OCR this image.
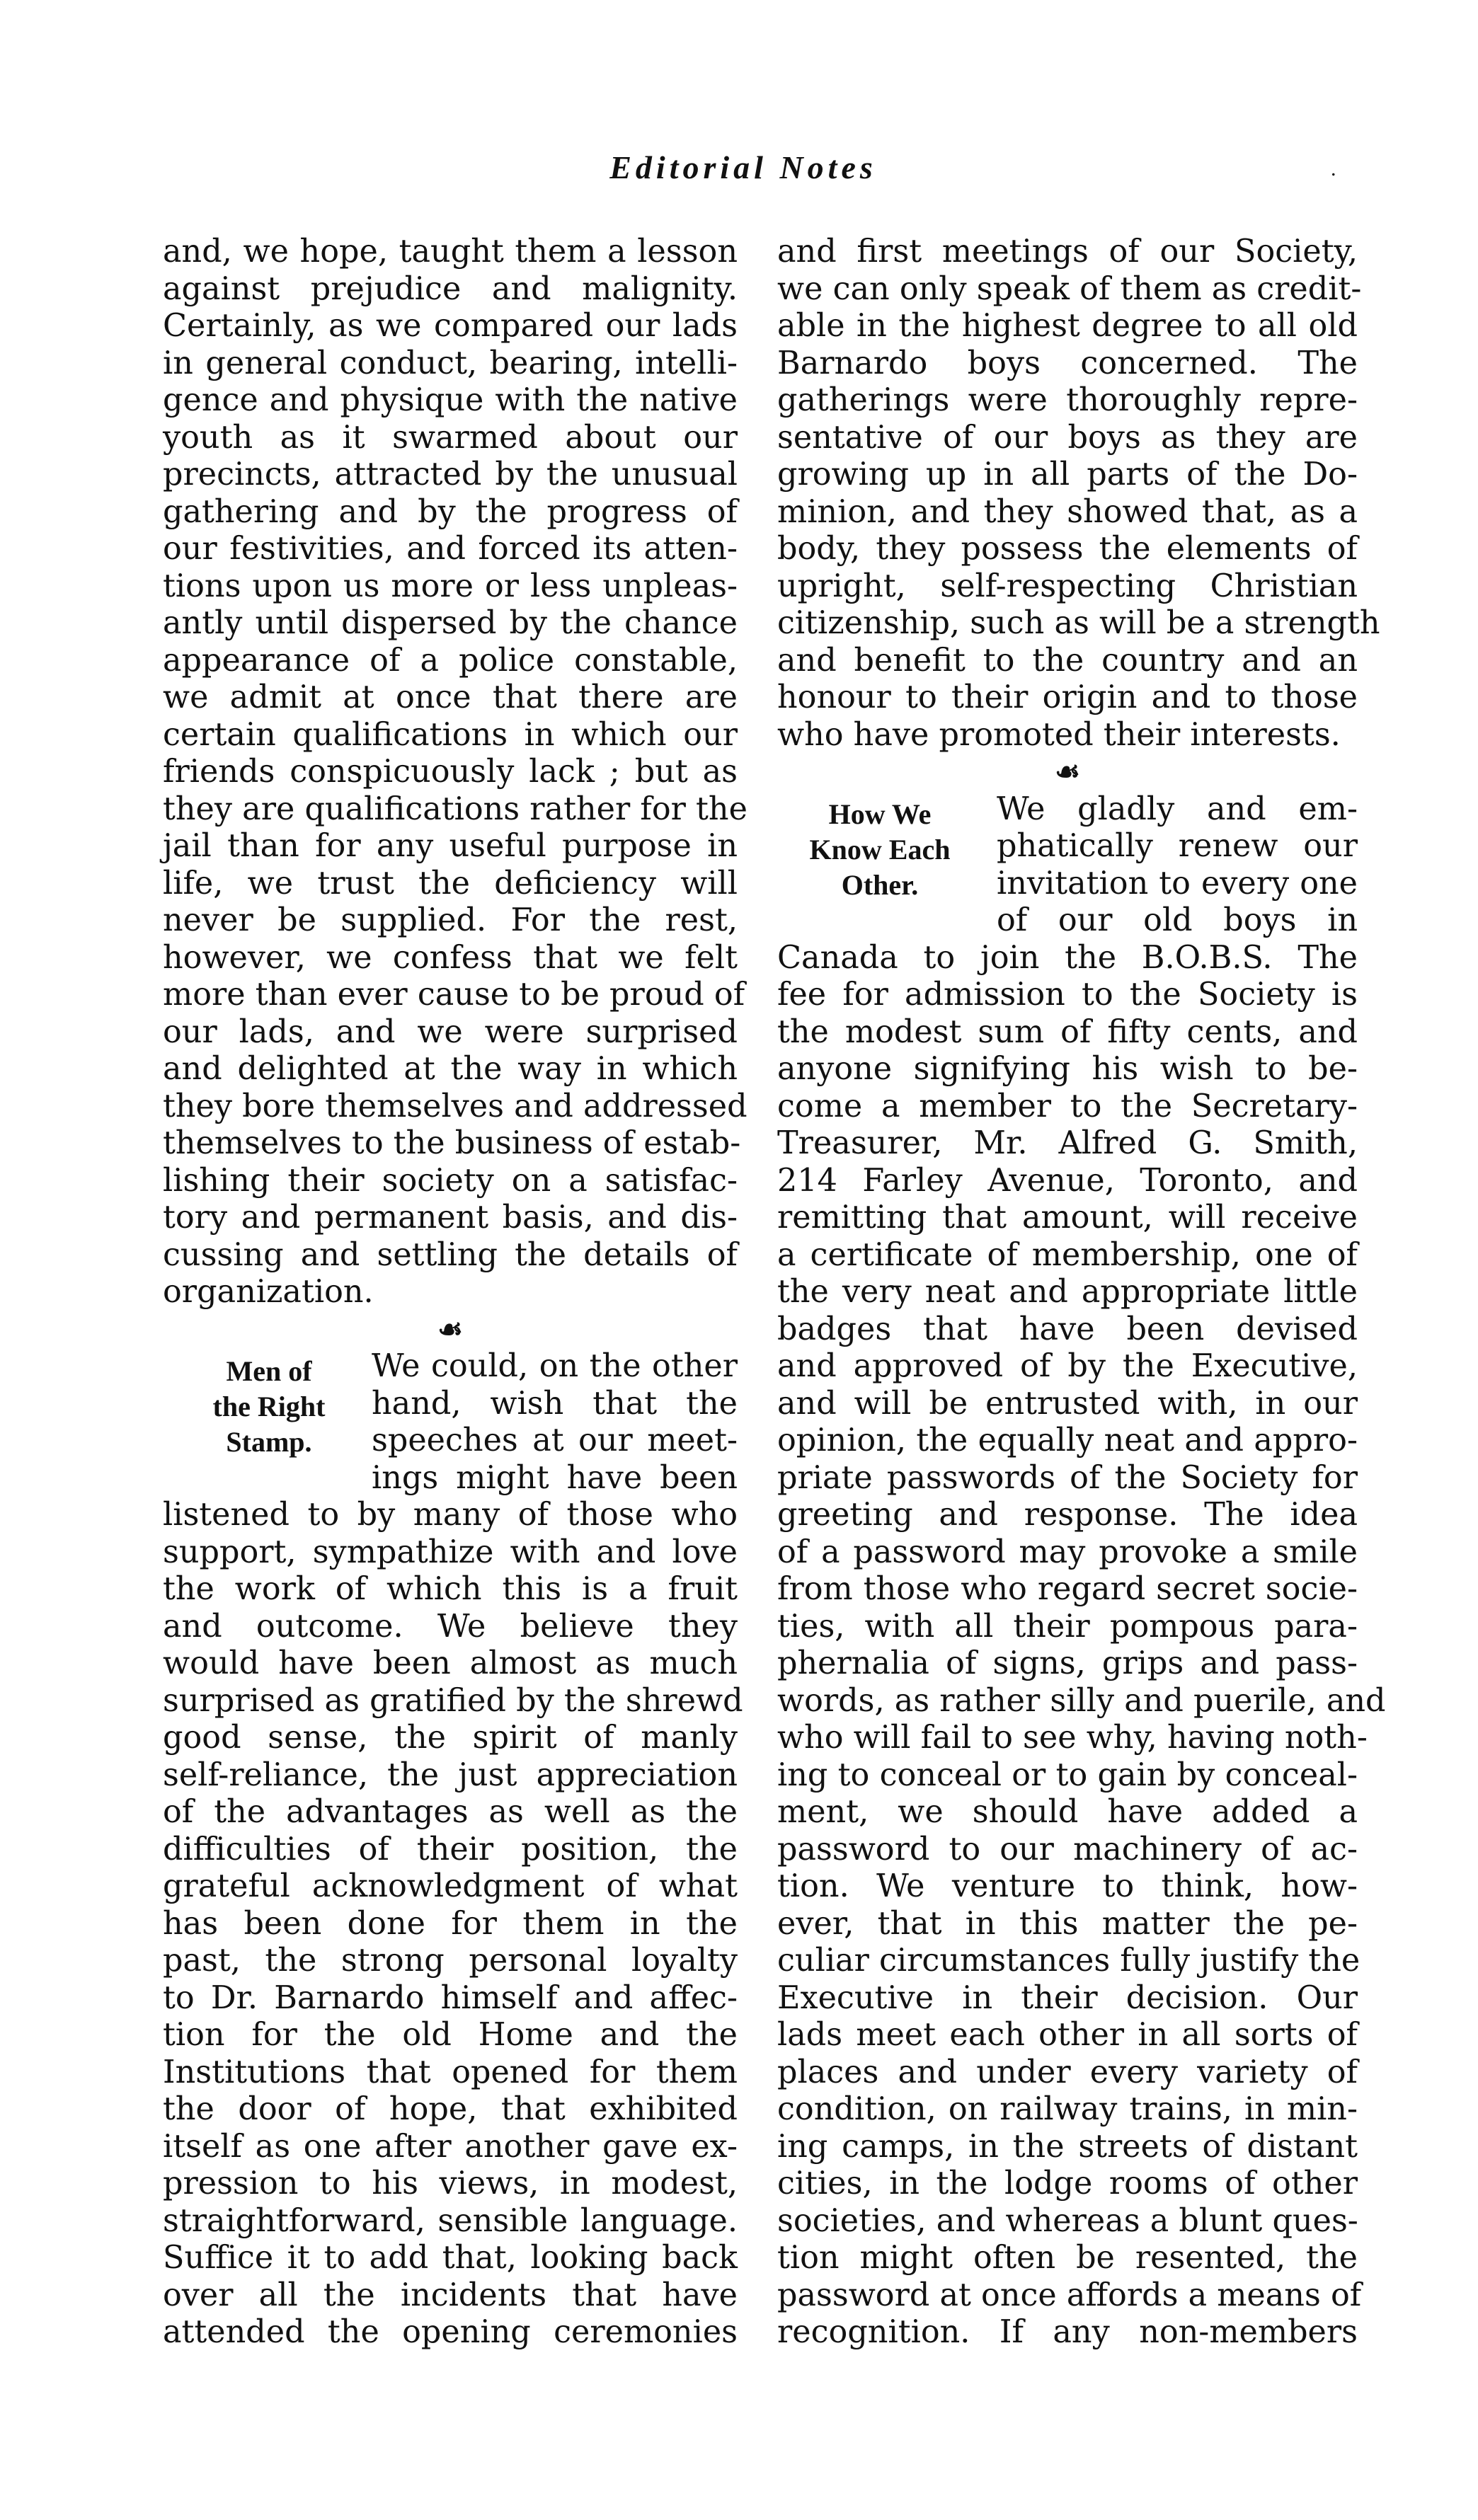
Editorial Notes	.
and, we hope, taught them a lesson
against prejudice and malignity.
Certainly, as we compared our lads
in general conduct, bearing, intelli-
gence and physique with the native
youth as it swarmed about our
precincts, attracted by the unusual
gathering and by the progress of
our festivities, and forced its atten-
tions upon us more or less unpleas-
antly until dispersed by the chance
appearance of a police constable,
we admit at once that there are
certain qualifications in which our
friends conspicuously lack ; but as
they are qualifications rather for the
jail than for any useful purpose in
life, we trust the deficiency will
never be supplied. For the rest,
however, we confess that we felt
more than ever cause to be proud of
our lads, and we were surprised
and delighted at the way in which
they bore themselves and addressed
themselves to the business of estab-
lishing their society on a satisfac-
tory and permanent basis, and dis-
cussing and settling the details of
organization.
☙
We could, on the other
hand, wish that the
speeches at our meet-
ings might have been
listened to by many of those who
support, sympathize with and love
the work of which this is a fruit
and outcome. We believe they
would have been almost as much
surprised as gratified by the shrewd
good sense, the spirit of manly
self-reliance, the just appreciation
of the advantages as well as the
difficulties of their position, the
grateful acknowledgment of what
has been done for them in the
past, the strong personal loyalty
to Dr. Barnardo himself and affec-
tion for the old Home and the
Institutions that opened for them
the door of hope, that exhibited
itself as one after another gave ex-
pression to his views, in modest,
straightforward, sensible language.
Suffice it to add that, looking back
over all the incidents that have
attended the opening ceremonies
Men of
the Right
Stamp.
and first meetings of our Society,
we can only speak of them as credit-
able in the highest degree to all old
Barnardo boys concerned. The
gatherings were thoroughly repre-
sentative of our boys as they are
growing up in all parts of the Do-
minion, and they showed that, as a
body, they possess the elements of
upright, self-respecting Christian
citizenship, such as will be a strength
and benefit to the country and an
honour to their origin and to those
who have promoted their interests.
☙
We gladly and em-
phatically renew our
invitation to every one
of our old boys in
Canada to join the B.O.B.S. The
fee for admission to the Society is
the modest sum of fifty cents, and
anyone signifying his wish to be-
come a member to the Secretary-
Treasurer, Mr. Alfred G. Smith,
214 Farley Avenue, Toronto, and
remitting that amount, will receive
a certificate of membership, one of
the very neat and appropriate little
badges that have been devised
and approved of by the Executive,
and will be entrusted with, in our
opinion, the equally neat and appro-
priate passwords of the Society for
greeting and response. The idea
of a password may provoke a smile
from those who regard secret socie-
ties, with all their pompous para-
phernalia of signs, grips and pass-
words, as rather silly and puerile, and
who will fail to see why, having noth-
ing to conceal or to gain by conceal-
ment, we should have added a
password to our machinery of ac-
tion. We venture to think, how-
ever, that in this matter the pe-
culiar circumstances fully justify the
Executive in their decision. Our
lads meet each other in all sorts of
places and under every variety of
condition, on railway trains, in min-
ing camps, in the streets of distant
cities, in the lodge rooms of other
societies, and whereas a blunt ques-
tion might often be resented, the
password at once affords a means of
recognition. If any non-members
How We
Know Each
Other.
